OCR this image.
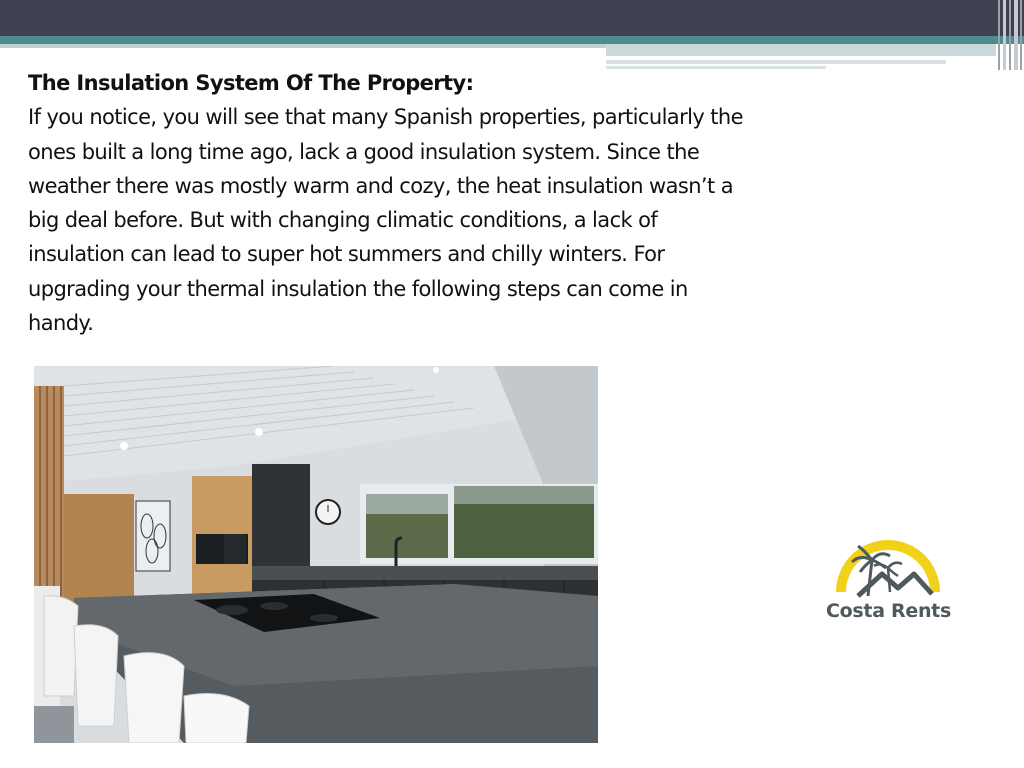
The Insulation System Of The Property:
If you notice, you will see that many Spanish properties, particularly the ones built a long time ago, lack a good insulation system. Since the weather there was mostly warm and cozy, the heat insulation wasn’t a big deal before. But with changing climatic conditions, a lack of insulation can lead to super hot summers and chilly winters. For upgrading your thermal insulation the following steps can come in handy.
Costa Rents
